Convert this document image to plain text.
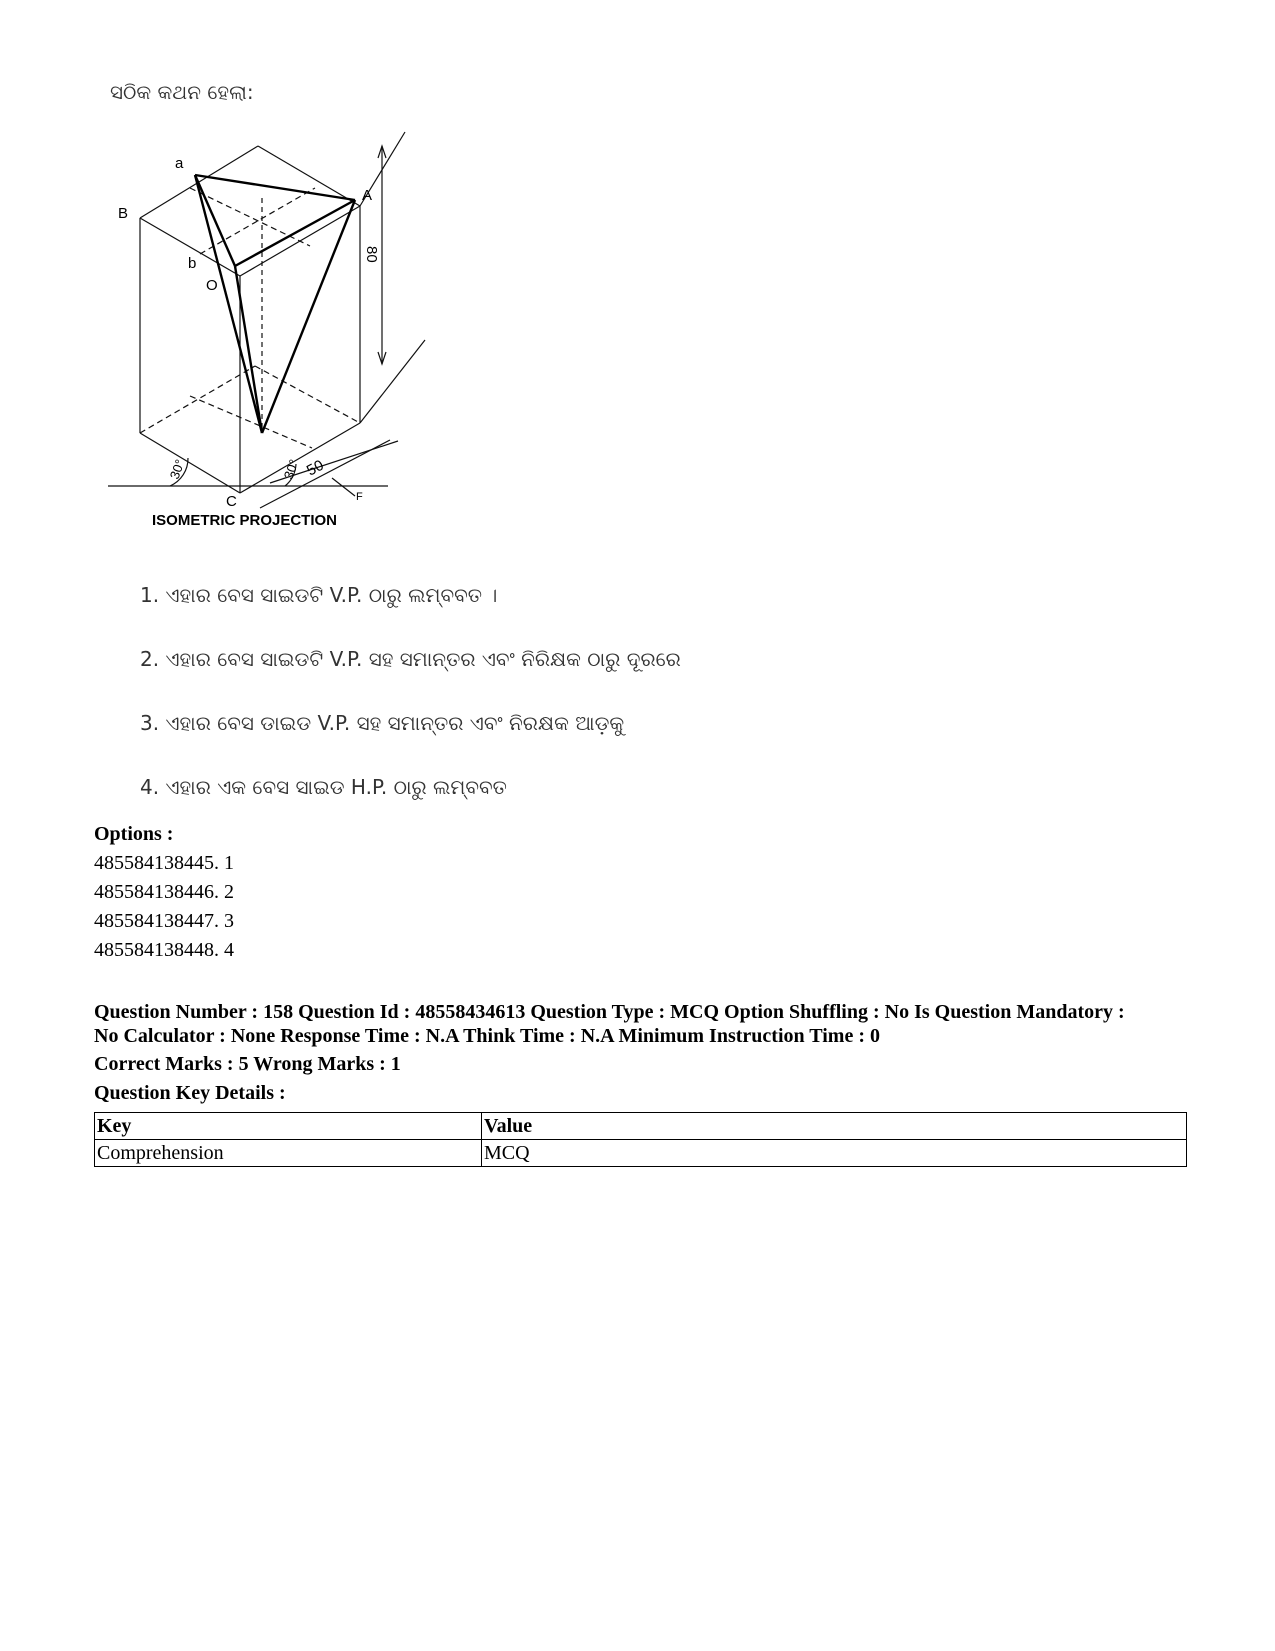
ସଠିକ କଥନ ହେଲା:
a
B
A
b
O
C	F
80
50
30°	30°
ISOMETRIC PROJECTION
1. ଏହାର ବେସ ସାଇଡଟି V.P. ଠାରୁ ଲମ୍ବବତ ।
2. ଏହାର ବେସ ସାଇଡଟି V.P. ସହ ସମାନ୍ତର ଏବଂ ନିରିକ୍ଷକ ଠାରୁ ଦୂରରେ
3. ଏହାର ବେସ ଡାଇଡ V.P. ସହ ସମାନ୍ତର ଏବଂ ନିରକ୍ଷକ ଆଡ଼କୁ
4. ଏହାର ଏକ ବେସ ସାଇଡ H.P. ଠାରୁ ଲମ୍ବବତ
Options :
485584138445. 1
485584138446. 2
485584138447. 3
485584138448. 4
Question Number : 158 Question Id : 48558434613 Question Type : MCQ Option Shuffling : No Is Question Mandatory :
No Calculator : None Response Time : N.A Think Time : N.A Minimum Instruction Time : 0
Correct Marks : 5 Wrong Marks : 1
Question Key Details :
Key	Value
Comprehension	MCQ
